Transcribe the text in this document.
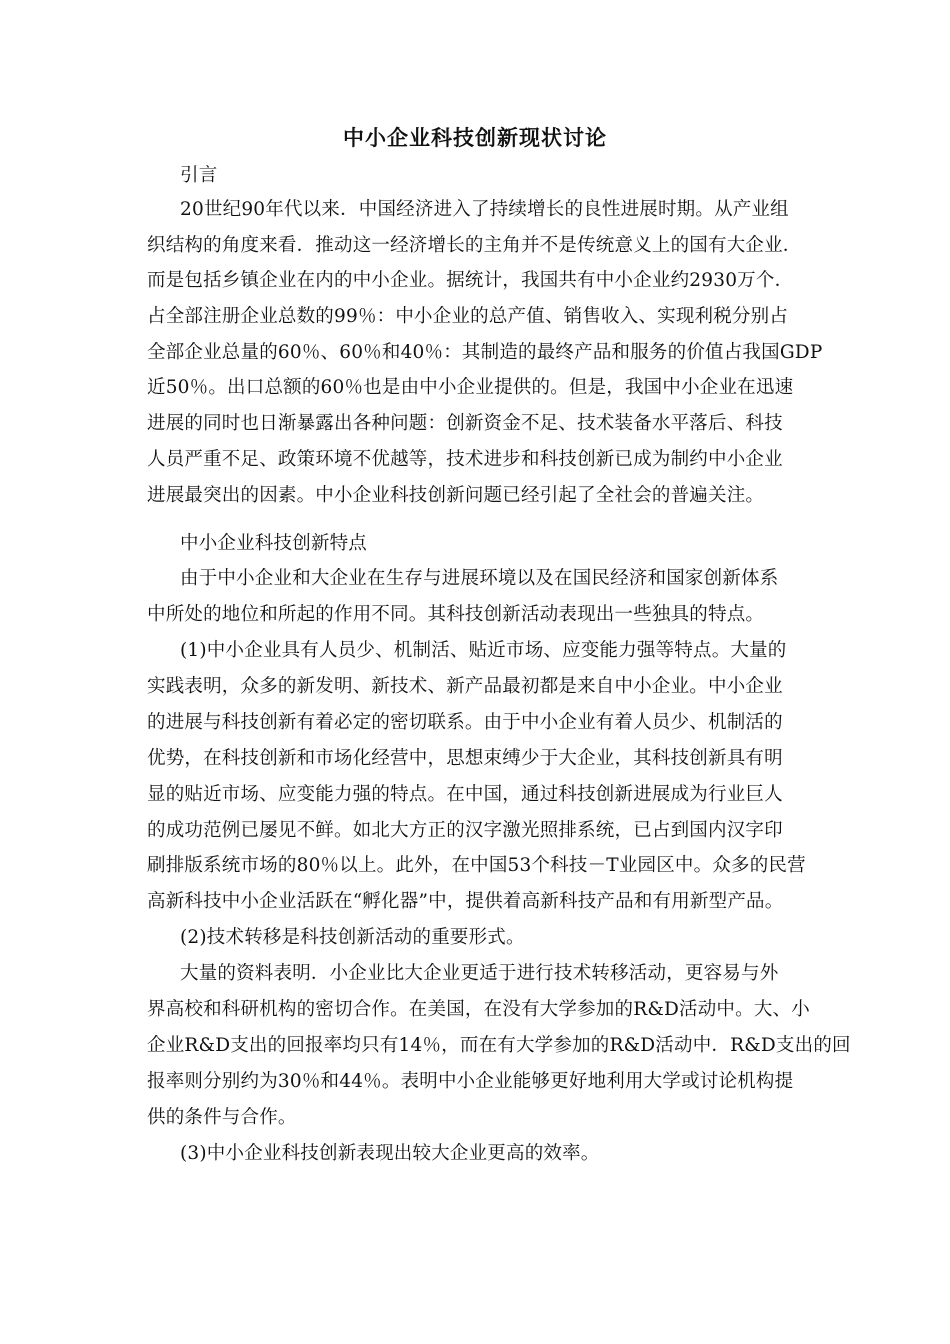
中小企业科技创新现状讨论
引言
20世纪90年代以来．中国经济进入了持续增长的良性进展时期。从产业组
织结构的角度来看．推动这一经济增长的主角并不是传统意义上的国有大企业．
而是包括乡镇企业在内的中小企业。据统计，我国共有中小企业约2930万个．
占全部注册企业总数的99％：中小企业的总产值、销售收入、实现利税分别占
全部企业总量的60％、60％和40％：其制造的最终产品和服务的价值占我国GDP
近50％。出口总额的60％也是由中小企业提供的。但是，我国中小企业在迅速
进展的同时也日渐暴露出各种问题：创新资金不足、技术装备水平落后、科技
人员严重不足、政策环境不优越等，技术进步和科技创新已成为制约中小企业
进展最突出的因素。中小企业科技创新问题已经引起了全社会的普遍关注。
中小企业科技创新特点
由于中小企业和大企业在生存与进展环境以及在国民经济和国家创新体系
中所处的地位和所起的作用不同。其科技创新活动表现出一些独具的特点。
(1)中小企业具有人员少、机制活、贴近市场、应变能力强等特点。大量的
实践表明，众多的新发明、新技术、新产品最初都是来自中小企业。中小企业
的进展与科技创新有着必定的密切联系。由于中小企业有着人员少、机制活的
优势，在科技创新和市场化经营中，思想束缚少于大企业，其科技创新具有明
显的贴近市场、应变能力强的特点。在中国，通过科技创新进展成为行业巨人
的成功范例已屡见不鲜。如北大方正的汉字激光照排系统，已占到国内汉字印
刷排版系统市场的80％以上。此外，在中国53个科技－T业园区中。众多的民营
高新科技中小企业活跃在“孵化器”中，提供着高新科技产品和有用新型产品。
(2)技术转移是科技创新活动的重要形式。
大量的资料表明．小企业比大企业更适于进行技术转移活动，更容易与外
界高校和科研机构的密切合作。在美国，在没有大学参加的R&D活动中。大、小
企业R&D支出的回报率均只有14％，而在有大学参加的R&D活动中．R&D支出的回
报率则分别约为30％和44％。表明中小企业能够更好地利用大学或讨论机构提
供的条件与合作。
(3)中小企业科技创新表现出较大企业更高的效率。
